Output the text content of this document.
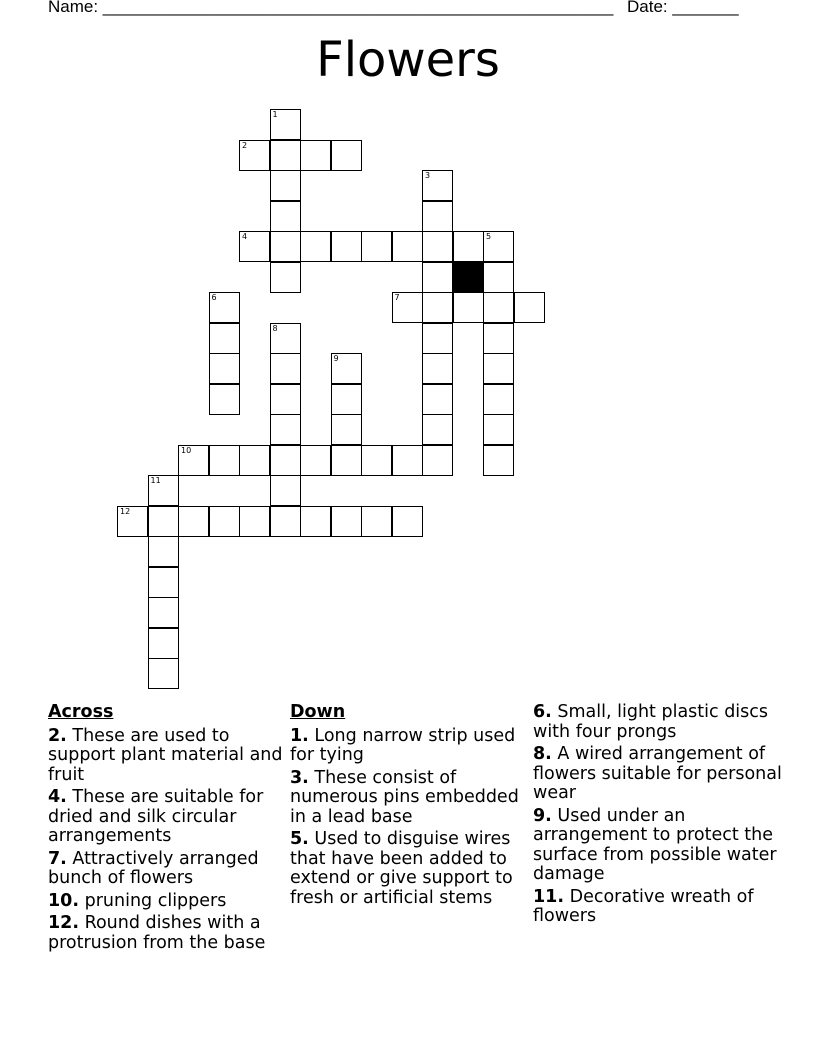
Name: ______________________________________________________ Date: _______
Flowers
1
2
3
4	5
6	7
8
9
10
11
12
Across
2. These are used to support plant material and fruit
4. These are suitable for dried and silk circular arrangements
7. Attractively arranged bunch of flowers
10. pruning clippers
12. Round dishes with a protrusion from the base
Down
1. Long narrow strip used for tying
3. These consist of numerous pins embedded in a lead base
5. Used to disguise wires that have been added to extend or give support to fresh or artificial stems
6. Small, light plastic discs with four prongs
8. A wired arrangement of flowers suitable for personal wear
9. Used under an arrangement to protect the surface from possible water damage
11. Decorative wreath of flowers
